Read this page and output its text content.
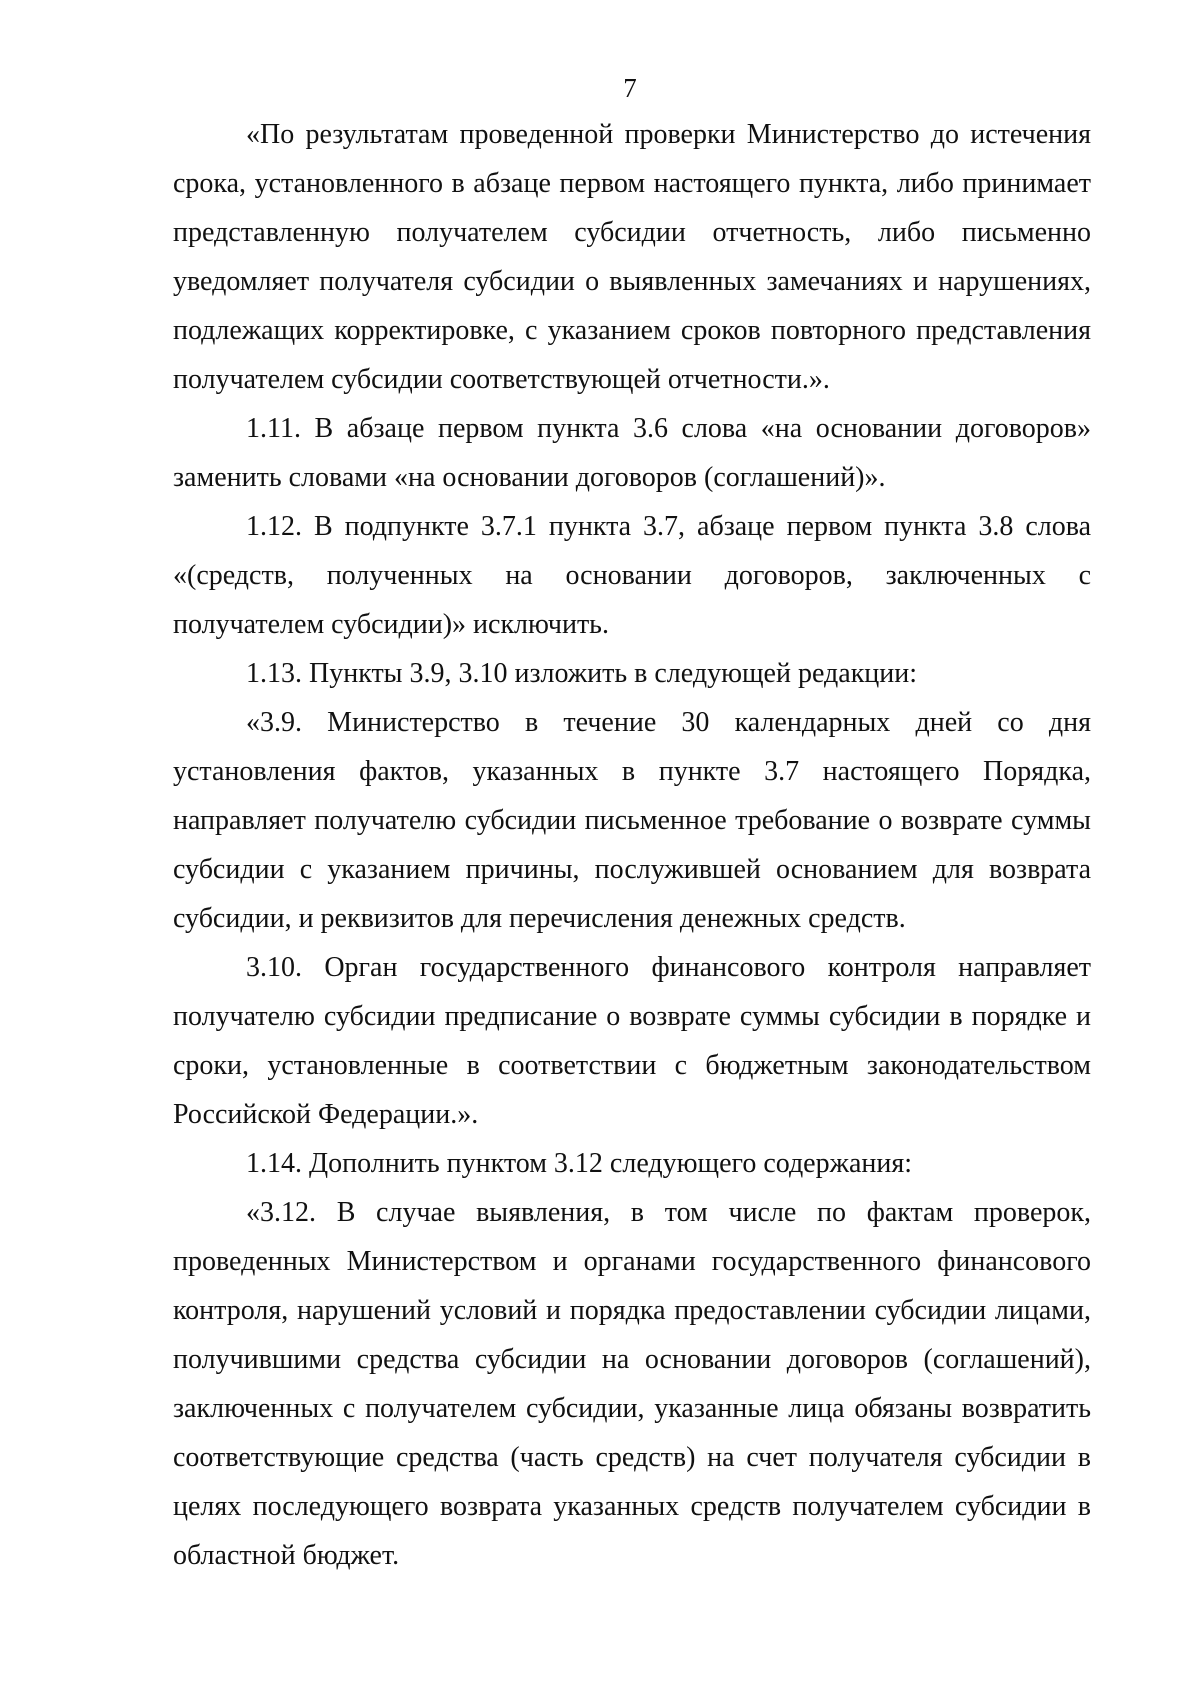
7

«По результатам проведенной проверки Министерство до истечения срока, установленного в абзаце первом настоящего пункта, либо принимает представленную получателем субсидии отчетность, либо письменно уведомляет получателя субсидии о выявленных замечаниях и нарушениях, подлежащих корректировке, с указанием сроков повторного представления получателем субсидии соответствующей отчетности.».

1.11. В абзаце первом пункта 3.6 слова «на основании договоров» заменить словами «на основании договоров (соглашений)».

1.12. В подпункте 3.7.1 пункта 3.7, абзаце первом пункта 3.8 слова «(средств, полученных на основании договоров, заключенных с получателем субсидии)» исключить.

1.13. Пункты 3.9, 3.10 изложить в следующей редакции:

«3.9. Министерство в течение 30 календарных дней со дня установления фактов, указанных в пункте 3.7 настоящего Порядка, направляет получателю субсидии письменное требование о возврате суммы субсидии с указанием причины, послужившей основанием для возврата субсидии, и реквизитов для перечисления денежных средств.

3.10. Орган государственного финансового контроля направляет получателю субсидии предписание о возврате суммы субсидии в порядке и сроки, установленные в соответствии с бюджетным законодательством Российской Федерации.».

1.14. Дополнить пунктом 3.12 следующего содержания:

«3.12. В случае выявления, в том числе по фактам проверок, проведенных Министерством и органами государственного финансового контроля, нарушений условий и порядка предоставлении субсидии лицами, получившими средства субсидии на основании договоров (соглашений), заключенных с получателем субсидии, указанные лица обязаны возвратить соответствующие средства (часть средств) на счет получателя субсидии в целях последующего возврата указанных средств получателем субсидии в областной бюджет.
